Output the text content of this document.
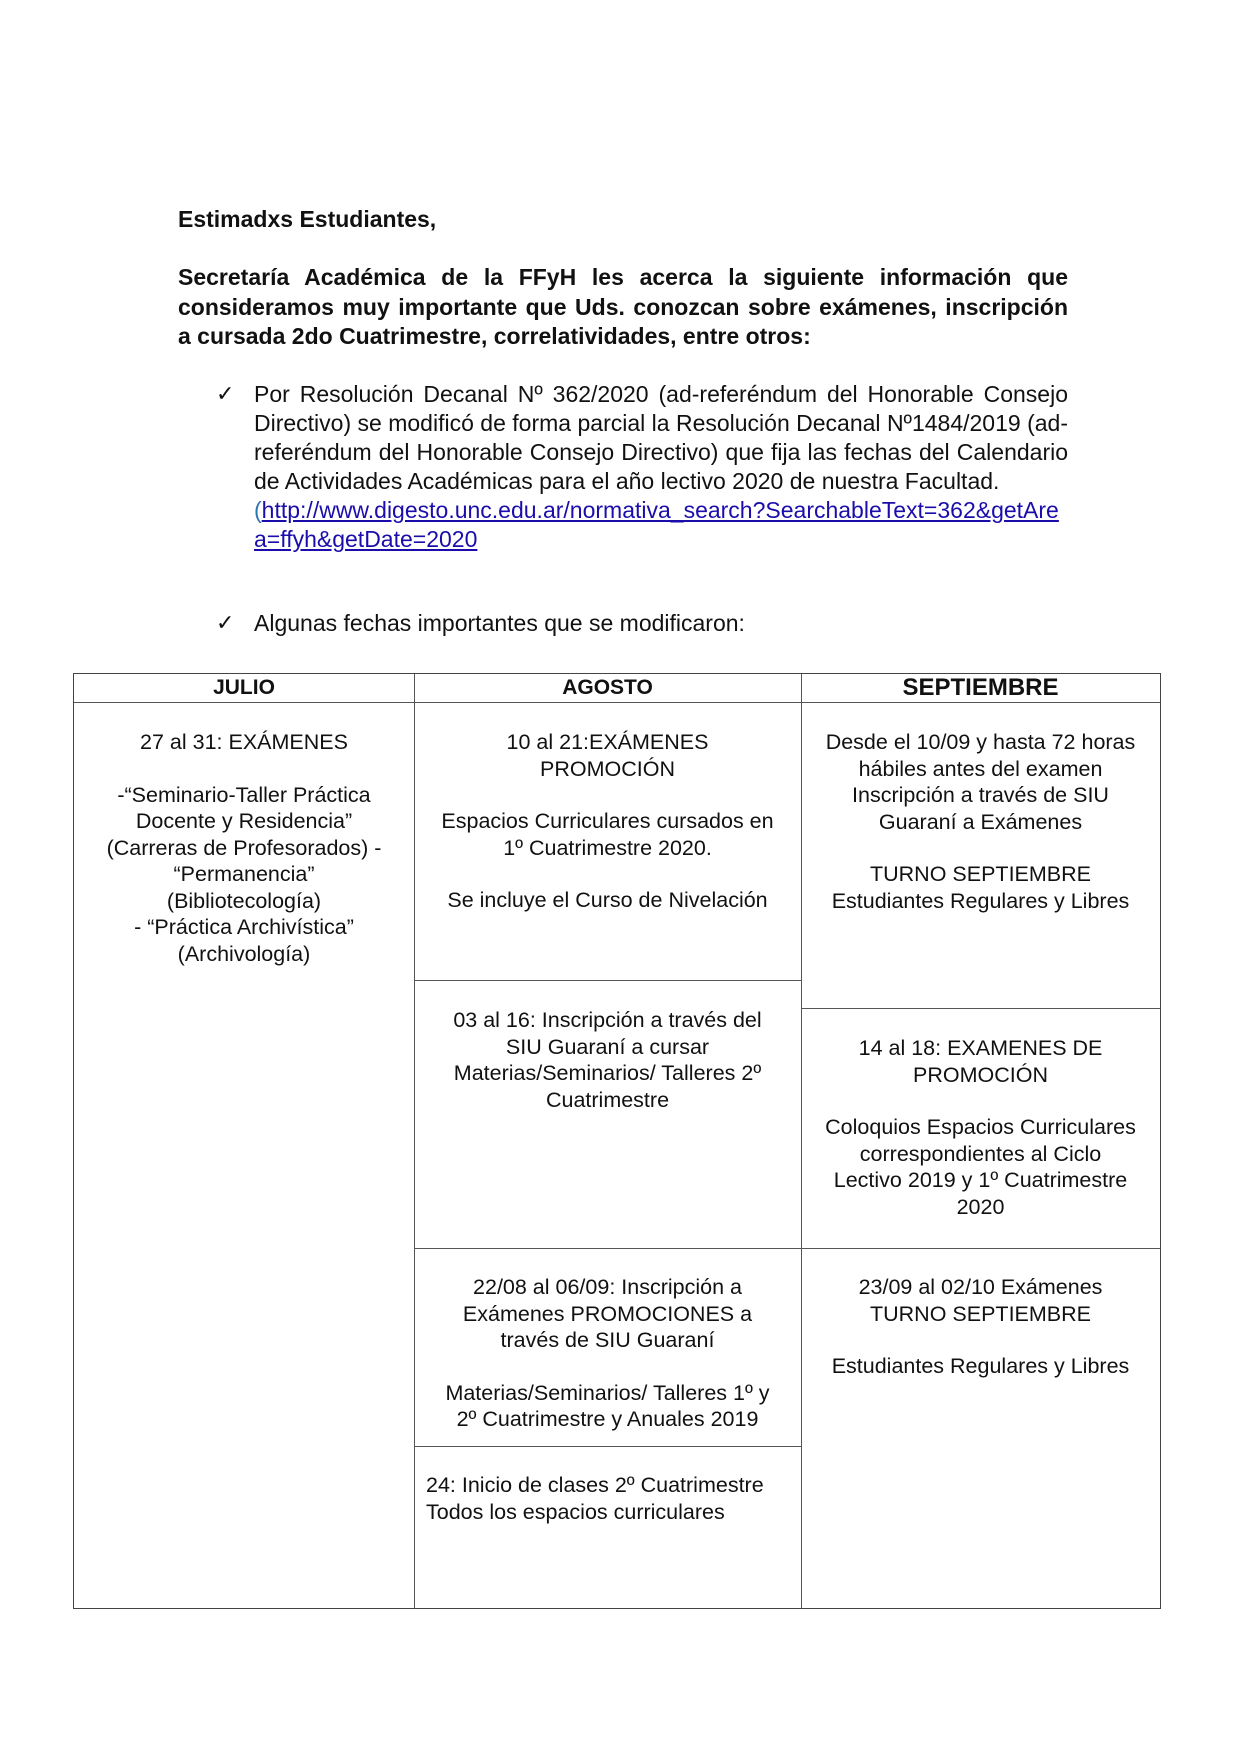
Estimadxs Estudiantes,

Secretaría Académica de la FFyH les acerca la siguiente información que consideramos muy importante que Uds. conozcan sobre exámenes, inscripción a cursada 2do Cuatrimestre, correlatividades, entre otros:

✓ Por Resolución Decanal Nº 362/2020 (ad-referéndum del Honorable Consejo Directivo) se modificó de forma parcial la Resolución Decanal Nº1484/2019 (ad-referéndum del Honorable Consejo Directivo) que fija las fechas del Calendario de Actividades Académicas para el año lectivo 2020 de nuestra Facultad.
(http://www.digesto.unc.edu.ar/normativa_search?SearchableText=362&getArea=ffyh&getDate=2020
✓ Algunas fechas importantes que se modificaron:
JULIO	AGOSTO	SEPTIEMBRE

27 al 31: EXÁMENES

-“Seminario-Taller Práctica

Docente y Residencia”

(Carreras de Profesorados) -

“Permanencia”

(Bibliotecología)

- “Práctica Archivística”

(Archivología)

10 al 21:EXÁMENES

PROMOCIÓN

Espacios Curriculares cursados en

1º Cuatrimestre 2020.

Se incluye el Curso de Nivelación

03 al 16: Inscripción a través del

SIU Guaraní a cursar

Materias/Seminarios/ Talleres 2º

Cuatrimestre

22/08 al 06/09: Inscripción a

Exámenes PROMOCIONES a

través de SIU Guaraní

Materias/Seminarios/ Talleres 1º y

2º Cuatrimestre y Anuales 2019

24: Inicio de clases 2º Cuatrimestre

Todos los espacios curriculares

Desde el 10/09 y hasta 72 horas

hábiles antes del examen

Inscripción a través de SIU

Guaraní a Exámenes

TURNO SEPTIEMBRE

Estudiantes Regulares y Libres

14 al 18: EXAMENES DE

PROMOCIÓN

Coloquios Espacios Curriculares

correspondientes al Ciclo

Lectivo 2019 y 1º Cuatrimestre

2020

23/09 al 02/10 Exámenes

TURNO SEPTIEMBRE

Estudiantes Regulares y Libres
